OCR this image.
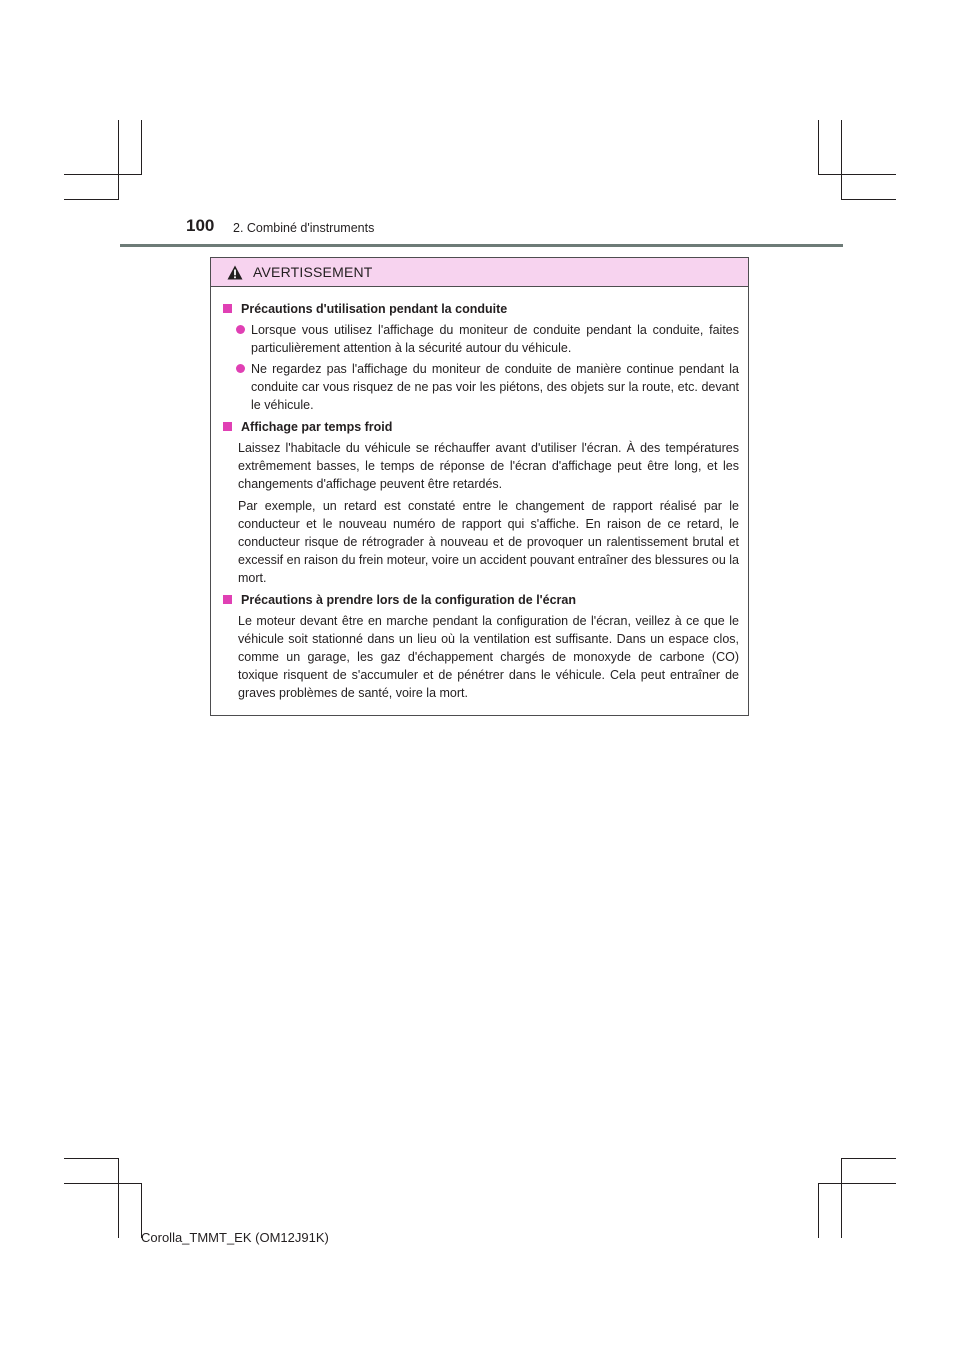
100 2. Combiné d'instruments
AVERTISSEMENT
Précautions d'utilisation pendant la conduite
Lorsque vous utilisez l'affichage du moniteur de conduite pendant la conduite, faites particulièrement attention à la sécurité autour du véhicule.
Ne regardez pas l'affichage du moniteur de conduite de manière continue pendant la conduite car vous risquez de ne pas voir les piétons, des objets sur la route, etc. devant le véhicule.
Affichage par temps froid
Laissez l'habitacle du véhicule se réchauffer avant d'utiliser l'écran. À des températures extrêmement basses, le temps de réponse de l'écran d'affichage peut être long, et les changements d'affichage peuvent être retardés.
Par exemple, un retard est constaté entre le changement de rapport réalisé par le conducteur et le nouveau numéro de rapport qui s'affiche. En raison de ce retard, le conducteur risque de rétrograder à nouveau et de provoquer un ralentissement brutal et excessif en raison du frein moteur, voire un accident pouvant entraîner des blessures ou la mort.
Précautions à prendre lors de la configuration de l'écran
Le moteur devant être en marche pendant la configuration de l'écran, veillez à ce que le véhicule soit stationné dans un lieu où la ventilation est suffisante. Dans un espace clos, comme un garage, les gaz d'échappement chargés de monoxyde de carbone (CO) toxique risquent de s'accumuler et de pénétrer dans le véhicule. Cela peut entraîner de graves problèmes de santé, voire la mort.
Corolla_TMMT_EK (OM12J91K)
